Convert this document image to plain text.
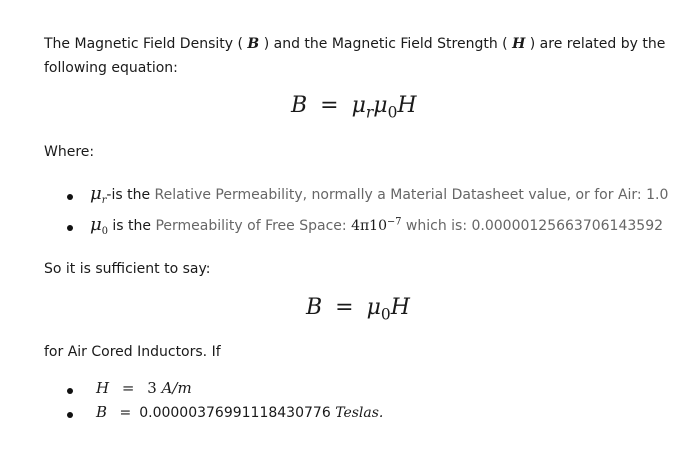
The Magnetic Field Density ( B ) and the Magnetic Field Strength ( H ) are related by the
following equation:
$B = \mu_r\mu_0H$
Where:
$\mu_r-is$ the Relative Permeability, normally a Material Datasheet value, or for Air: 1.0
$\mu_0$ is the Permeability of Free Space: $4\pi 10^{-7}$ which is: 0.0000012566370614359​2
So it is sufficient to say:
$B = \mu_0H$
for Air Cored Inductors. If
H = 3 A/m
B = 0.00000376991118430776 Teslas.
